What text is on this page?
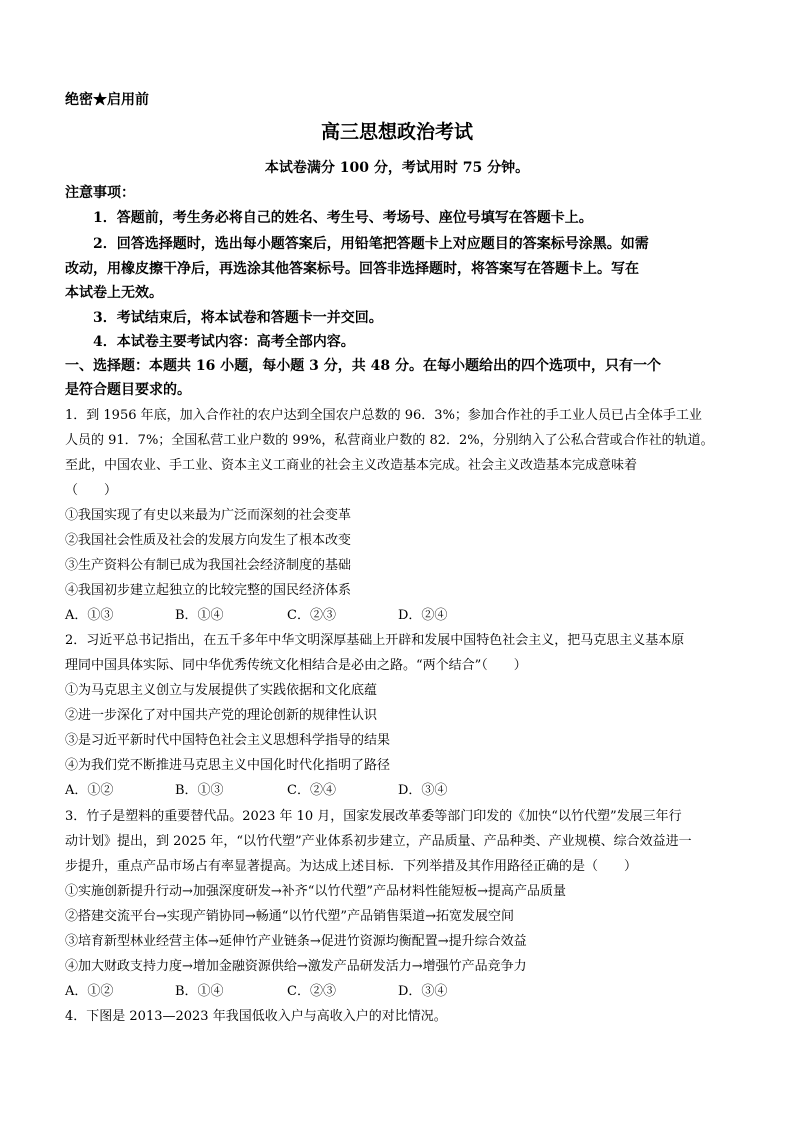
绝密★启用前
高三思想政治考试
本试卷满分 100 分，考试用时 75 分钟。
注意事项：
1．答题前，考生务必将自己的姓名、考生号、考场号、座位号填写在答题卡上。
2．回答选择题时，选出每小题答案后，用铅笔把答题卡上对应题目的答案标号涂黑。如需
改动，用橡皮擦干净后，再选涂其他答案标号。回答非选择题时，将答案写在答题卡上。写在
本试卷上无效。
3．考试结束后，将本试卷和答题卡一并交回。
4．本试卷主要考试内容：高考全部内容。
一、选择题：本题共 16 小题，每小题 3 分，共 48 分。在每小题给出的四个选项中，只有一个
是符合题目要求的。
1．到 1956 年底，加入合作社的农户达到全国农户总数的 96．3%；参加合作社的手工业人员已占全体手工业
人员的 91．7%；全国私营工业户数的 99%，私营商业户数的 82．2%，分别纳入了公私合营或合作社的轨道。
至此，中国农业、手工业、资本主义工商业的社会主义改造基本完成。社会主义改造基本完成意味着
（　　）
①我国实现了有史以来最为广泛而深刻的社会变革
②我国社会性质及社会的发展方向发生了根本改变
③生产资料公有制已成为我国社会经济制度的基础
④我国初步建立起独立的比较完整的国民经济体系
A．①③	B．①④	C．②③	D．②④
2．习近平总书记指出，在五千多年中华文明深厚基础上开辟和发展中国特色社会主义，把马克思主义基本原
理同中国具体实际、同中华优秀传统文化相结合是必由之路。“两个结合”（　　）
①为马克思主义创立与发展提供了实践依据和文化底蕴
②进一步深化了对中国共产党的理论创新的规律性认识
③是习近平新时代中国特色社会主义思想科学指导的结果
④为我们党不断推进马克思主义中国化时代化指明了路径
A．①②	B．①③	C．②④	D．③④
3．竹子是塑料的重要替代品。2023 年 10 月，国家发展改革委等部门印发的《加快“以竹代塑”发展三年行
动计划》提出，到 2025 年，“以竹代塑”产业体系初步建立，产品质量、产品种类、产业规模、综合效益进一
步提升，重点产品市场占有率显著提高。为达成上述目标．下列举措及其作用路径正确的是（　　）
①实施创新提升行动→加强深度研发→补齐“以竹代塑”产品材料性能短板→提高产品质量
②搭建交流平台→实现产销协同→畅通“以竹代塑”产品销售渠道→拓宽发展空间
③培育新型林业经营主体→延伸竹产业链条→促进竹资源均衡配置→提升综合效益
④加大财政支持力度→增加金融资源供给→激发产品研发活力→增强竹产品竞争力
A．①②	B．①④	C．②③	D．③④
4．下图是 2013—2023 年我国低收入户与高收入户的对比情况。
